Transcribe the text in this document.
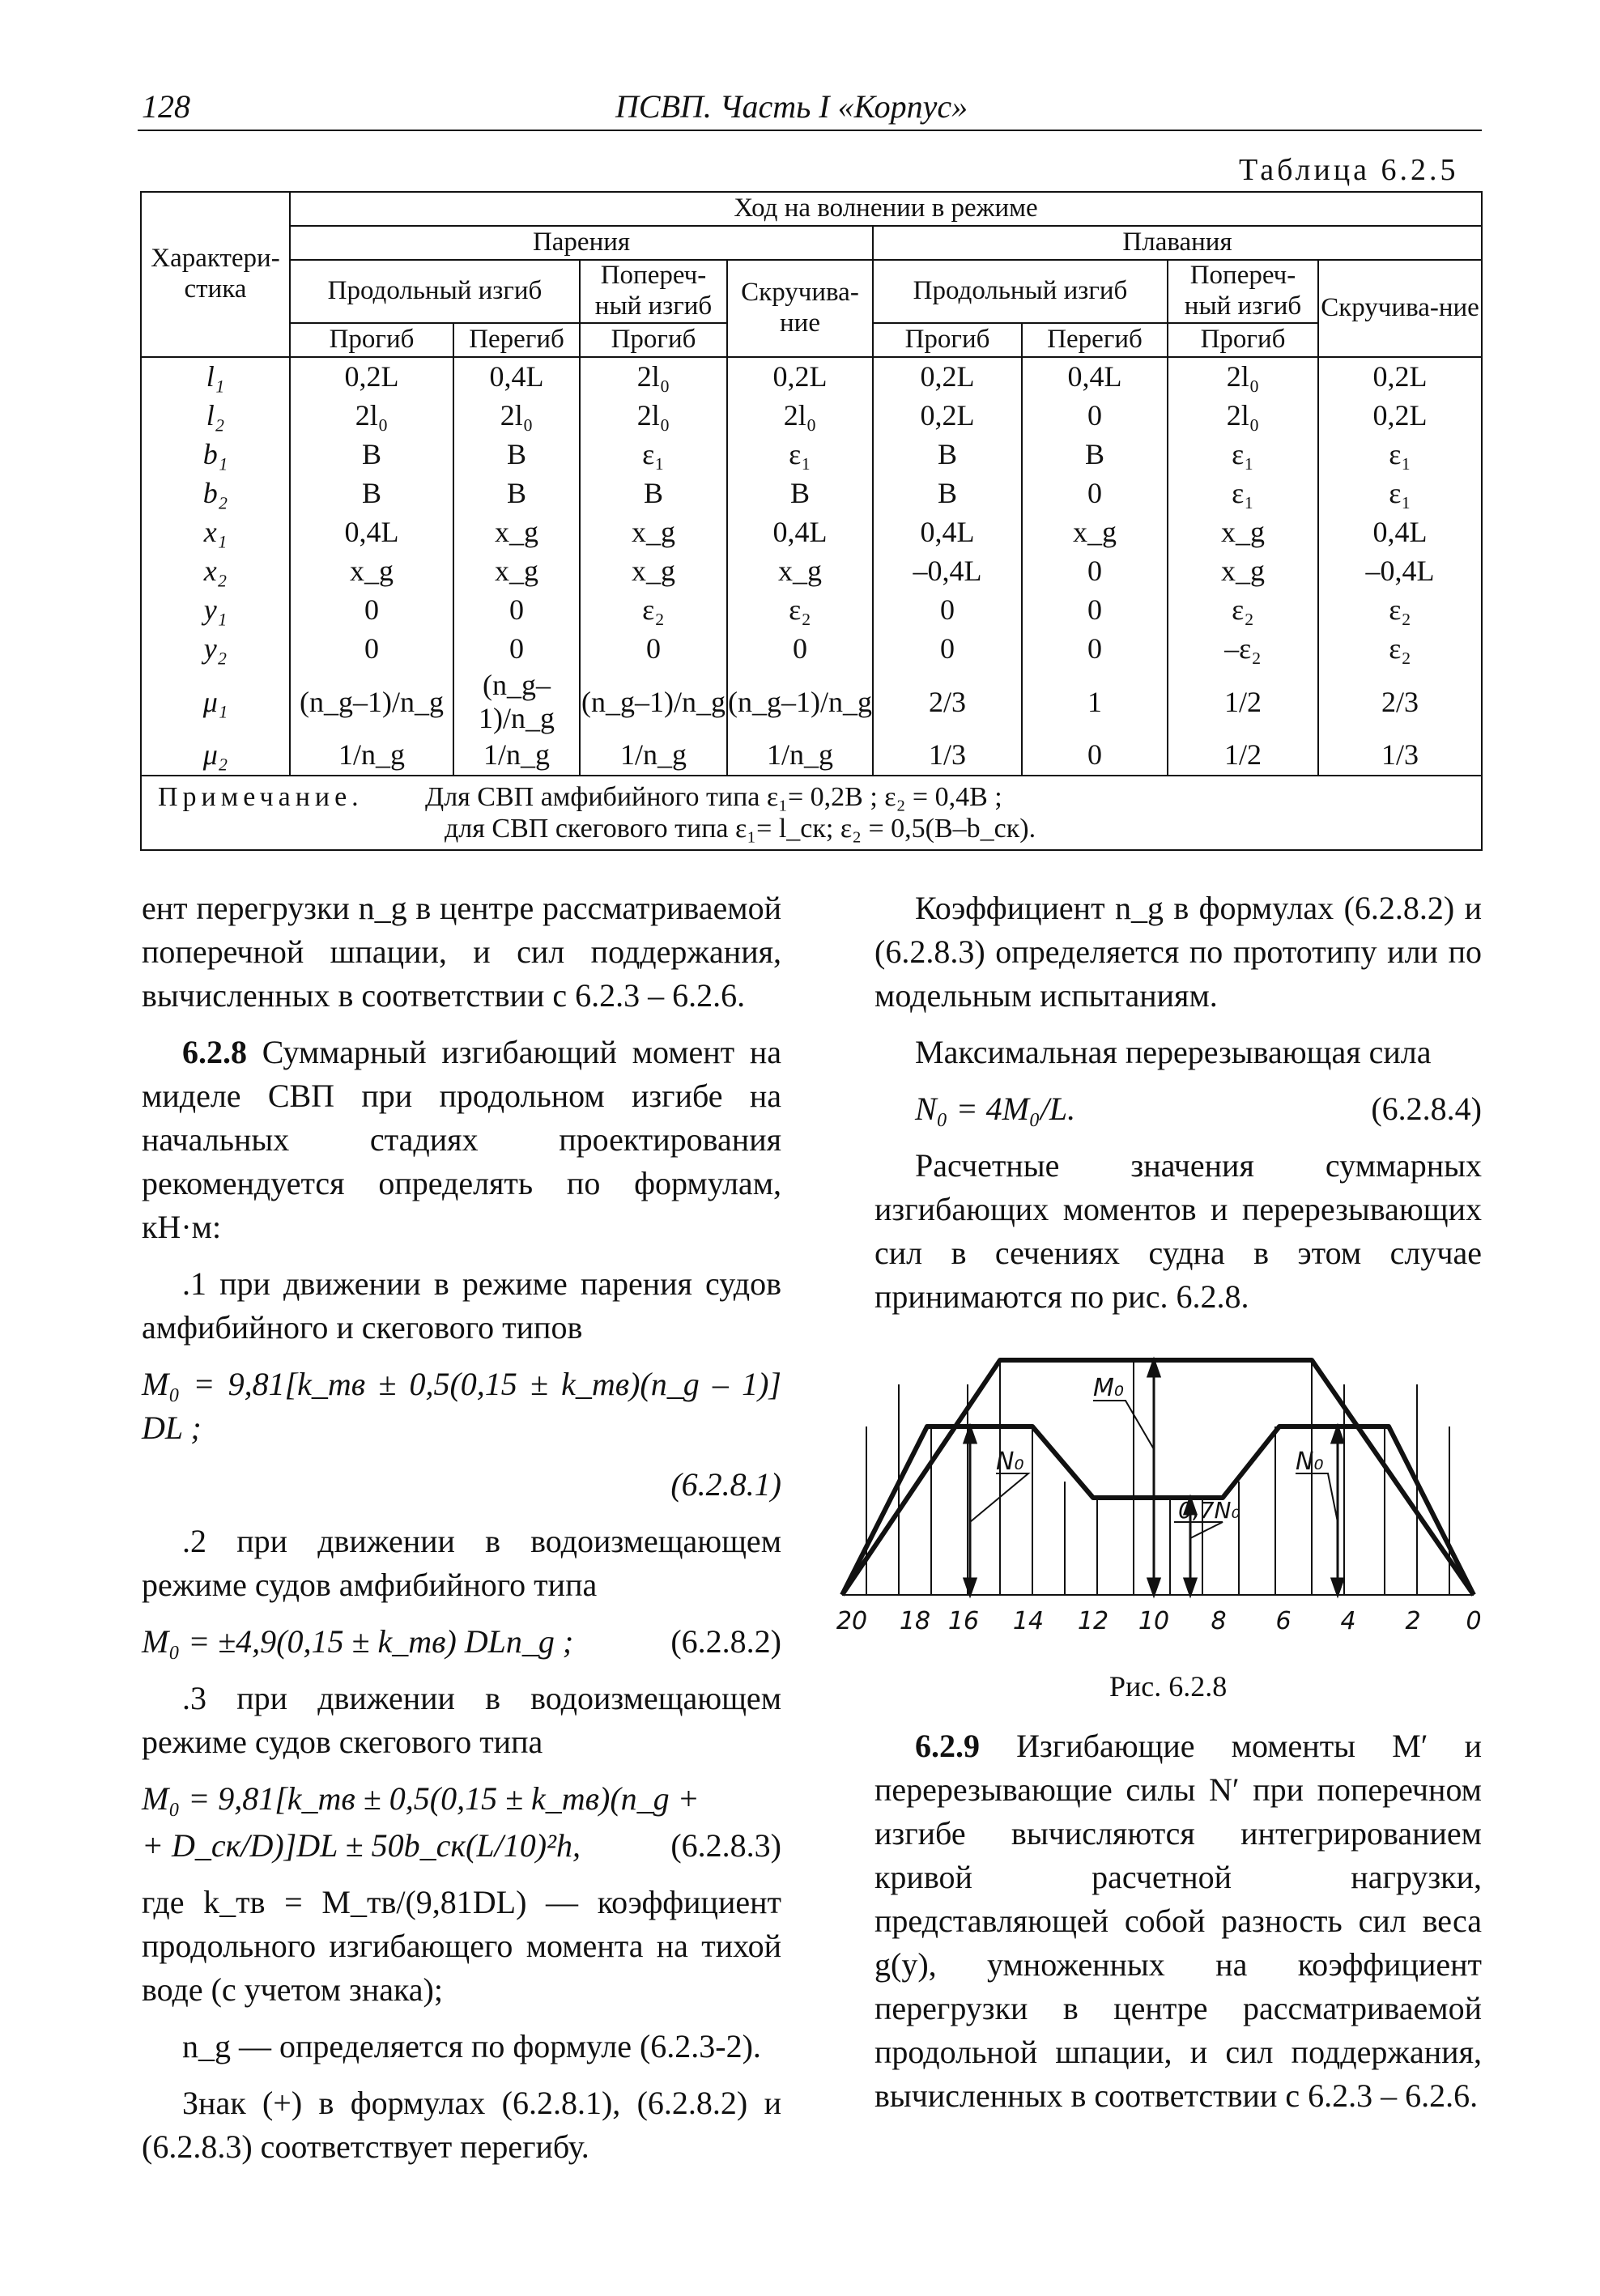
128	ПСВП. Часть I «Корпус»
Таблица 6.2.5
Характери-стика	Ход на волнении в режиме							
	Парения				Плавания			
	Продольный изгиб		Попереч-ный изгиб	Скручива-ние	Продольный изгиб		Попереч-ный изгиб	Скручива-ние
	Прогиб	Перегиб	Прогиб		Прогиб	Перегиб	Прогиб	
l₁	0,2L	0,4L	2l₀	0,2L	0,2L	0,4L	2l₀	0,2L
l₂	2l₀	2l₀	2l₀	2l₀	0,2L	0	2l₀	0,2L
b₁	B	B	ε₁	ε₁	B	B	ε₁	ε₁
b₂	B	B	B	B	B	0	ε₁	ε₁
x₁	0,4L	x_g	x_g	0,4L	0,4L	x_g	x_g	0,4L
x₂	x_g	x_g	x_g	x_g	–0,4L	0	x_g	–0,4L
y₁	0	0	ε₂	ε₂	0	0	ε₂	ε₂
y₂	0	0	0	0	0	0	–ε₂	ε₂
μ₁	(n_g–1)/n_g	(n_g–1)/n_g	(n_g–1)/n_g	(n_g–1)/n_g	2/3	1	1/2	2/3
μ₂	1/n_g	1/n_g	1/n_g	1/n_g	1/3	0	1/2	1/3
Примечание. Для СВП амфибийного типа ε₁= 0,2B ; ε₂ = 0,4B ;
для СВП скегового типа ε₁= l_ск; ε₂ = 0,5(B–b_ск).								

ент перегрузки n_g в центре рассматриваемой поперечной шпации, и сил поддержания, вычисленных в соответствии с 6.2.3 – 6.2.6.

6.2.8 Суммарный изгибающий момент на миделе СВП при продольном изгибе на начальных стадиях проектирования рекомендуется определять по формулам, кН·м:

.1 при движении в режиме парения судов амфибийного и скегового типов

M₀ = 9,81[k_тв ± 0,5(0,15 ± k_тв)(n_g – 1)] DL ;

(6.2.8.1)

.2 при движении в водоизмещающем режиме судов амфибийного типа

M₀ = ±4,9(0,15 ± k_тв) DLn_g ;	(6.2.8.2)

.3 при движении в водоизмещающем режиме судов скегового типа

M₀ = 9,81[k_тв ± 0,5(0,15 ± k_тв)(n_g +

+ D_ск/D)]DL ± 50b_ск(L/10)²h,	(6.2.8.3)

где k_тв = M_тв/(9,81DL) — коэффициент продольного изгибающего момента на тихой воде (с учетом знака);

n_g — определяется по формуле (6.2.3-2).

Знак (+) в формулах (6.2.8.1), (6.2.8.2) и (6.2.8.3) соответствует перегибу.

Коэффициент n_g в формулах (6.2.8.2) и (6.2.8.3) определяется по прототипу или по модельным испытаниям.

Максимальная перерезывающая сила

N₀ = 4M₀/L.	(6.2.8.4)

Расчетные значения суммарных изгибающих моментов и перерезывающих сил в сечениях судна в этом случае принимаются по рис. 6.2.8.

M₀
N₀	N₀
0,7N₀
20 18 16 14 12 10 8 6 4 2 0
Рис. 6.2.8

6.2.9 Изгибающие моменты M′ и перерезывающие силы N′ при поперечном изгибе вычисляются интегрированием кривой расчетной нагрузки, представляющей собой разность сил веса g(y), умноженных на коэффициент перегрузки в центре рассматриваемой продольной шпации, и сил поддержания, вычисленных в соответствии с 6.2.3 – 6.2.6.
